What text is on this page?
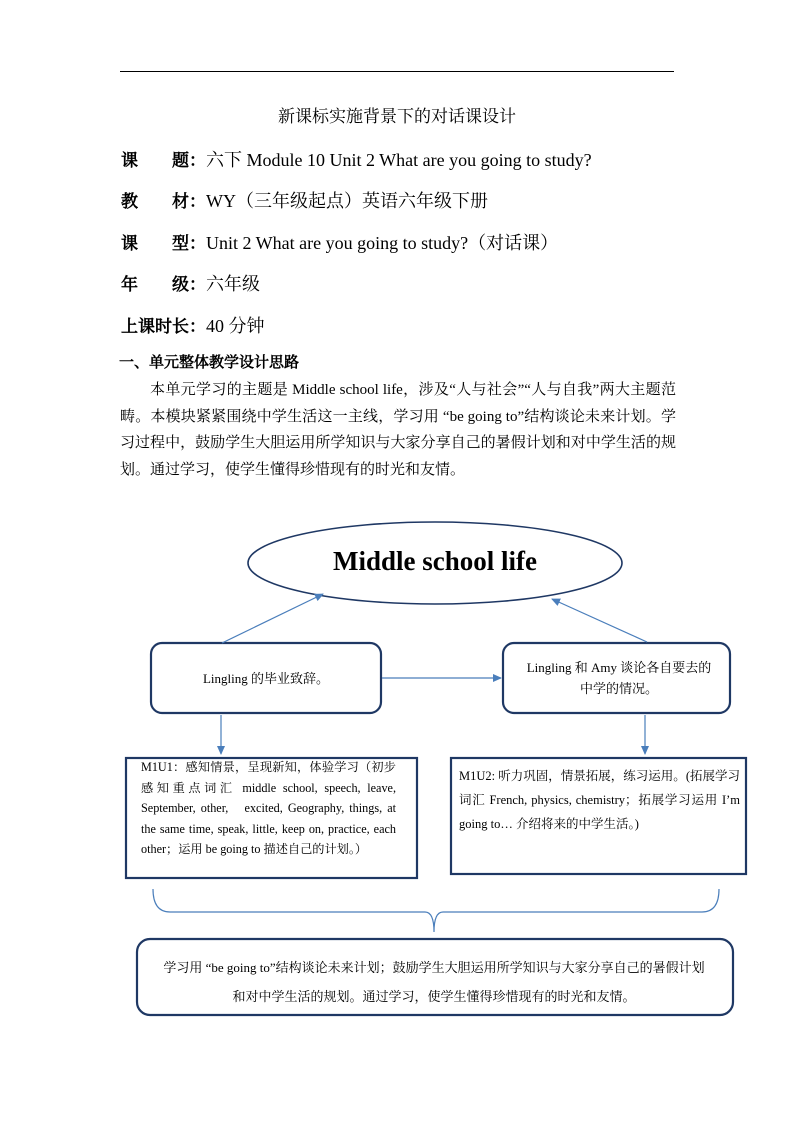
新课标实施背景下的对话课设计
课　　题：六下 Module 10 Unit 2 What are you going to study?
教　　材：WY（三年级起点）英语六年级下册
课　　型：Unit 2 What are you going to study?（对话课）
年　　级：六年级
上课时长：40 分钟
一、单元整体教学设计思路
本单元学习的主题是 Middle school life，涉及“人与社会”“人与自我”两大主题范畴。本模块紧紧围绕中学生活这一主线，学习用 “be going to”结构谈论未来计划。学习过程中，鼓励学生大胆运用所学知识与大家分享自己的暑假计划和对中学生活的规划。通过学习，使学生懂得珍惜现有的时光和友情。
Middle school life
Lingling 的毕业致辞。
Lingling 和 Amy 谈论各自要去的中学的情况。
M1U1：感知情景，呈现新知，体验学习（初步感知重点词汇 middle school, speech, leave, September, other,　excited, Geography, things, at the same time, speak, little, keep on, practice, each other；运用 be going to 描述自己的计划。）
M1U2: 听力巩固，情景拓展，练习运用。(拓展学习词汇 French, physics, chemistry；拓展学习运用 I’m going to… 介绍将来的中学生活。)
学习用 “be going to”结构谈论未来计划；鼓励学生大胆运用所学知识与大家分享自己的暑假计划和对中学生活的规划。通过学习，使学生懂得珍惜现有的时光和友情。
